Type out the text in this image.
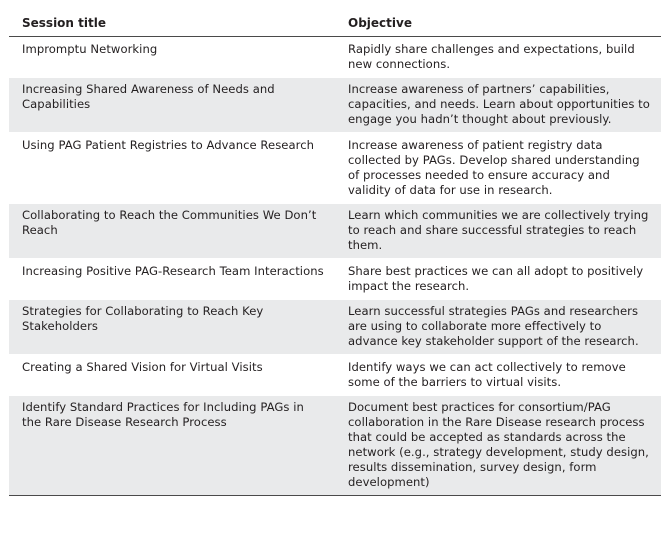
Session title	Objective
Impromptu Networking	Rapidly share challenges and expectations, build new connections.
Increasing Shared Awareness of Needs and Capabilities	Increase awareness of partners’ capabilities, capacities, and needs. Learn about opportunities to engage you hadn’t thought about previously.
Using PAG Patient Registries to Advance Research	Increase awareness of patient registry data collected by PAGs. Develop shared understanding of processes needed to ensure accuracy and validity of data for use in research.
Collaborating to Reach the Communities We Don’t Reach	Learn which communities we are collectively trying to reach and share successful strategies to reach them.
Increasing Positive PAG-Research Team Interactions	Share best practices we can all adopt to positively impact the research.
Strategies for Collaborating to Reach Key Stakeholders	Learn successful strategies PAGs and researchers are using to collaborate more effectively to advance key stakeholder support of the research.
Creating a Shared Vision for Virtual Visits	Identify ways we can act collectively to remove some of the barriers to virtual visits.
Identify Standard Practices for Including PAGs in the Rare Disease Research Process	Document best practices for consortium/PAG collaboration in the Rare Disease research process that could be accepted as standards across the network (e.g., strategy development, study design, results dissemination, survey design, form development)
